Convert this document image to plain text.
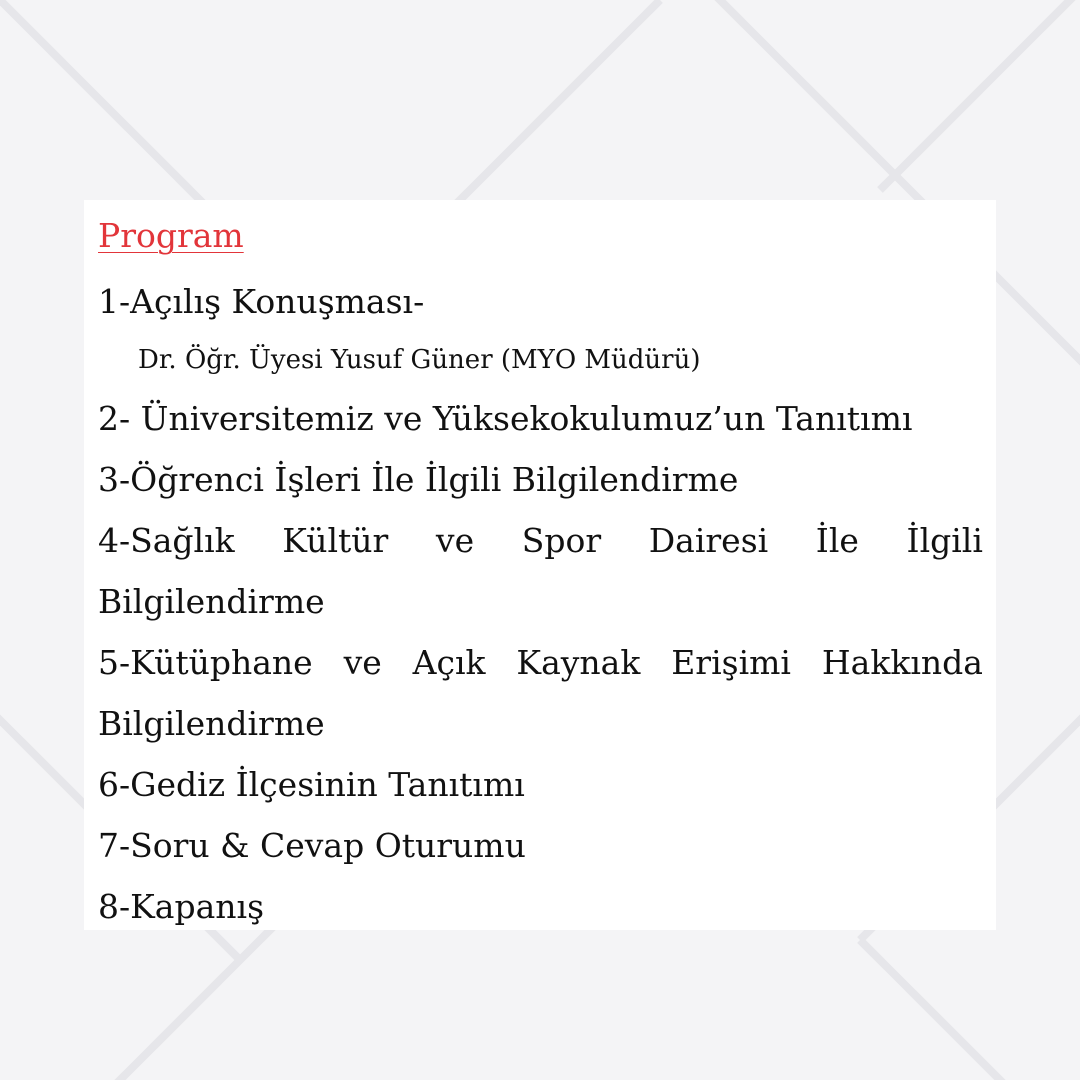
Program
1-Açılış Konuşması-
Dr. Öğr. Üyesi Yusuf Güner (MYO Müdürü)
2- Üniversitemiz ve Yüksekokulumuz’un Tanıtımı
3-Öğrenci İşleri İle İlgili Bilgilendirme
4-Sağlık Kültür ve Spor Dairesi İle İlgili
Bilgilendirme
5-Kütüphane ve Açık Kaynak Erişimi Hakkında
Bilgilendirme
6-Gediz İlçesinin Tanıtımı
7-Soru & Cevap Oturumu
8-Kapanış
